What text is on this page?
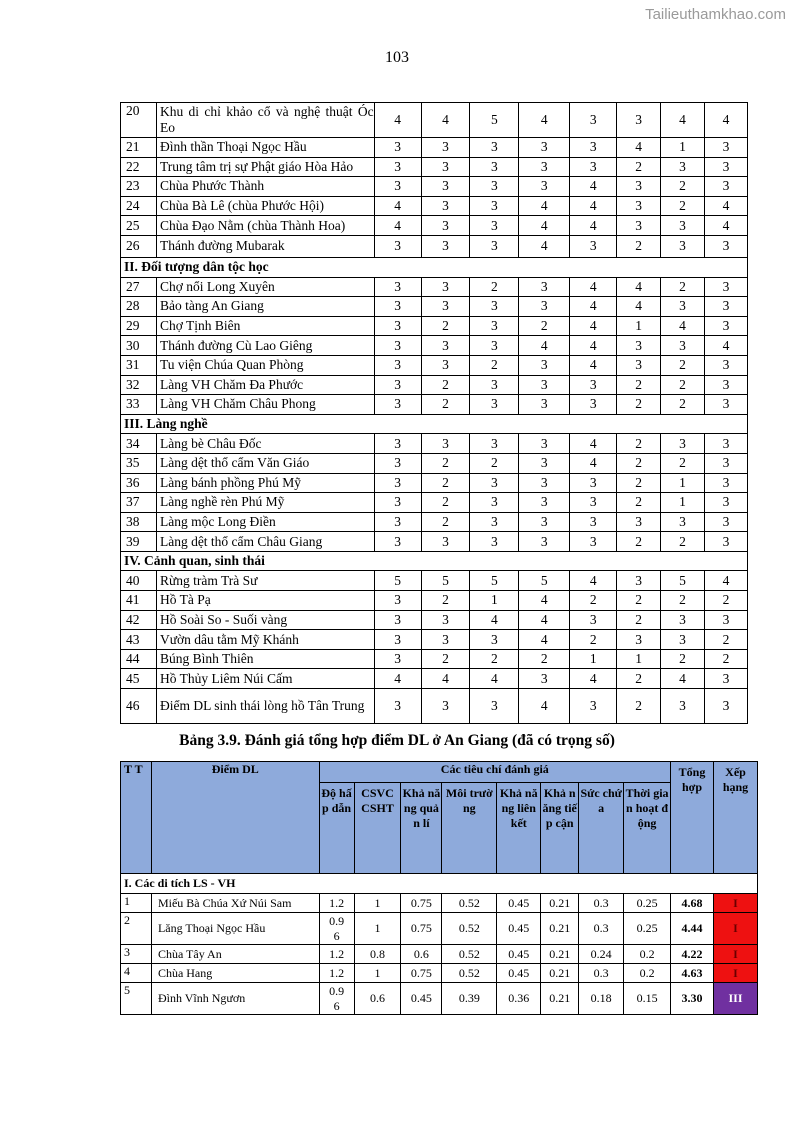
Tailieuthamkhao.com
103
20	Khu di chỉ khảo cổ và nghệ thuật Óc Eo	4	4	5	4	3	3	4	4
21	Đình thần Thoại Ngọc Hầu	3	3	3	3	3	4	1	3
22	Trung tâm trị sự Phật giáo Hòa Hảo	3	3	3	3	3	2	3	3
23	Chùa Phước Thành	3	3	3	3	4	3	2	3
24	Chùa Bà Lê (chùa Phước Hội)	4	3	3	4	4	3	2	4
25	Chùa Đạo Nằm (chùa Thành Hoa)	4	3	3	4	4	3	3	4
26	Thánh đường Mubarak	3	3	3	4	3	2	3	3
II. Đối tượng dân tộc học									
27	Chợ nổi Long Xuyên	3	3	2	3	4	4	2	3
28	Bảo tàng An Giang	3	3	3	3	4	4	3	3
29	Chợ Tịnh Biên	3	2	3	2	4	1	4	3
30	Thánh đường Cù Lao Giêng	3	3	3	4	4	3	3	4
31	Tu viện Chúa Quan Phòng	3	3	2	3	4	3	2	3
32	Làng VH Chăm Đa Phước	3	2	3	3	3	2	2	3
33	Làng VH Chăm Châu Phong	3	2	3	3	3	2	2	3
III. Làng nghề									
34	Làng bè Châu Đốc	3	3	3	3	4	2	3	3
35	Làng dệt thổ cẩm Văn Giáo	3	2	2	3	4	2	2	3
36	Làng bánh phồng Phú Mỹ	3	2	3	3	3	2	1	3
37	Làng nghề rèn Phú Mỹ	3	2	3	3	3	2	1	3
38	Làng mộc Long Điền	3	2	3	3	3	3	3	3
39	Làng dệt thổ cẩm Châu Giang	3	3	3	3	3	2	2	3
IV. Cảnh quan, sinh thái									
40	Rừng tràm Trà Sư	5	5	5	5	4	3	5	4
41	Hồ Tà Pạ	3	2	1	4	2	2	2	2
42	Hồ Soài So - Suối vàng	3	3	4	4	3	2	3	3
43	Vườn dâu tằm Mỹ Khánh	3	3	3	4	2	3	3	2
44	Búng Bình Thiên	3	2	2	2	1	1	2	2
45	Hồ Thủy Liêm Núi Cấm	4	4	4	3	4	2	4	3
46	Điểm DL sinh thái lòng hồ Tân Trung	3	3	3	4	3	2	3	3
Bảng 3.9. Đánh giá tổng hợp điểm DL ở An Giang (đã có trọng số)
T T	Điểm DL	Các tiêu chí đánh giá								Tổng hợp	Xếp hạng
		Độ hấp dẫn	CSVC CSHT	Khả năng quản lí	Môi trường	Khả năng liên kết	Khả năng tiếp cận	Sức chứa	Thời gian hoạt động		
I. Các di tích LS - VH											
1	Miếu Bà Chúa Xứ Núi Sam	1.2	1	0.75	0.52	0.45	0.21	0.3	0.25	4.68	I
2	Lăng Thoại Ngọc Hầu	0.96	1	0.75	0.52	0.45	0.21	0.3	0.25	4.44	I
3	Chùa Tây An	1.2	0.8	0.6	0.52	0.45	0.21	0.24	0.2	4.22	I
4	Chùa Hang	1.2	1	0.75	0.52	0.45	0.21	0.3	0.2	4.63	I
5	Đình Vĩnh Ngươn	0.96	0.6	0.45	0.39	0.36	0.21	0.18	0.15	3.30	III
